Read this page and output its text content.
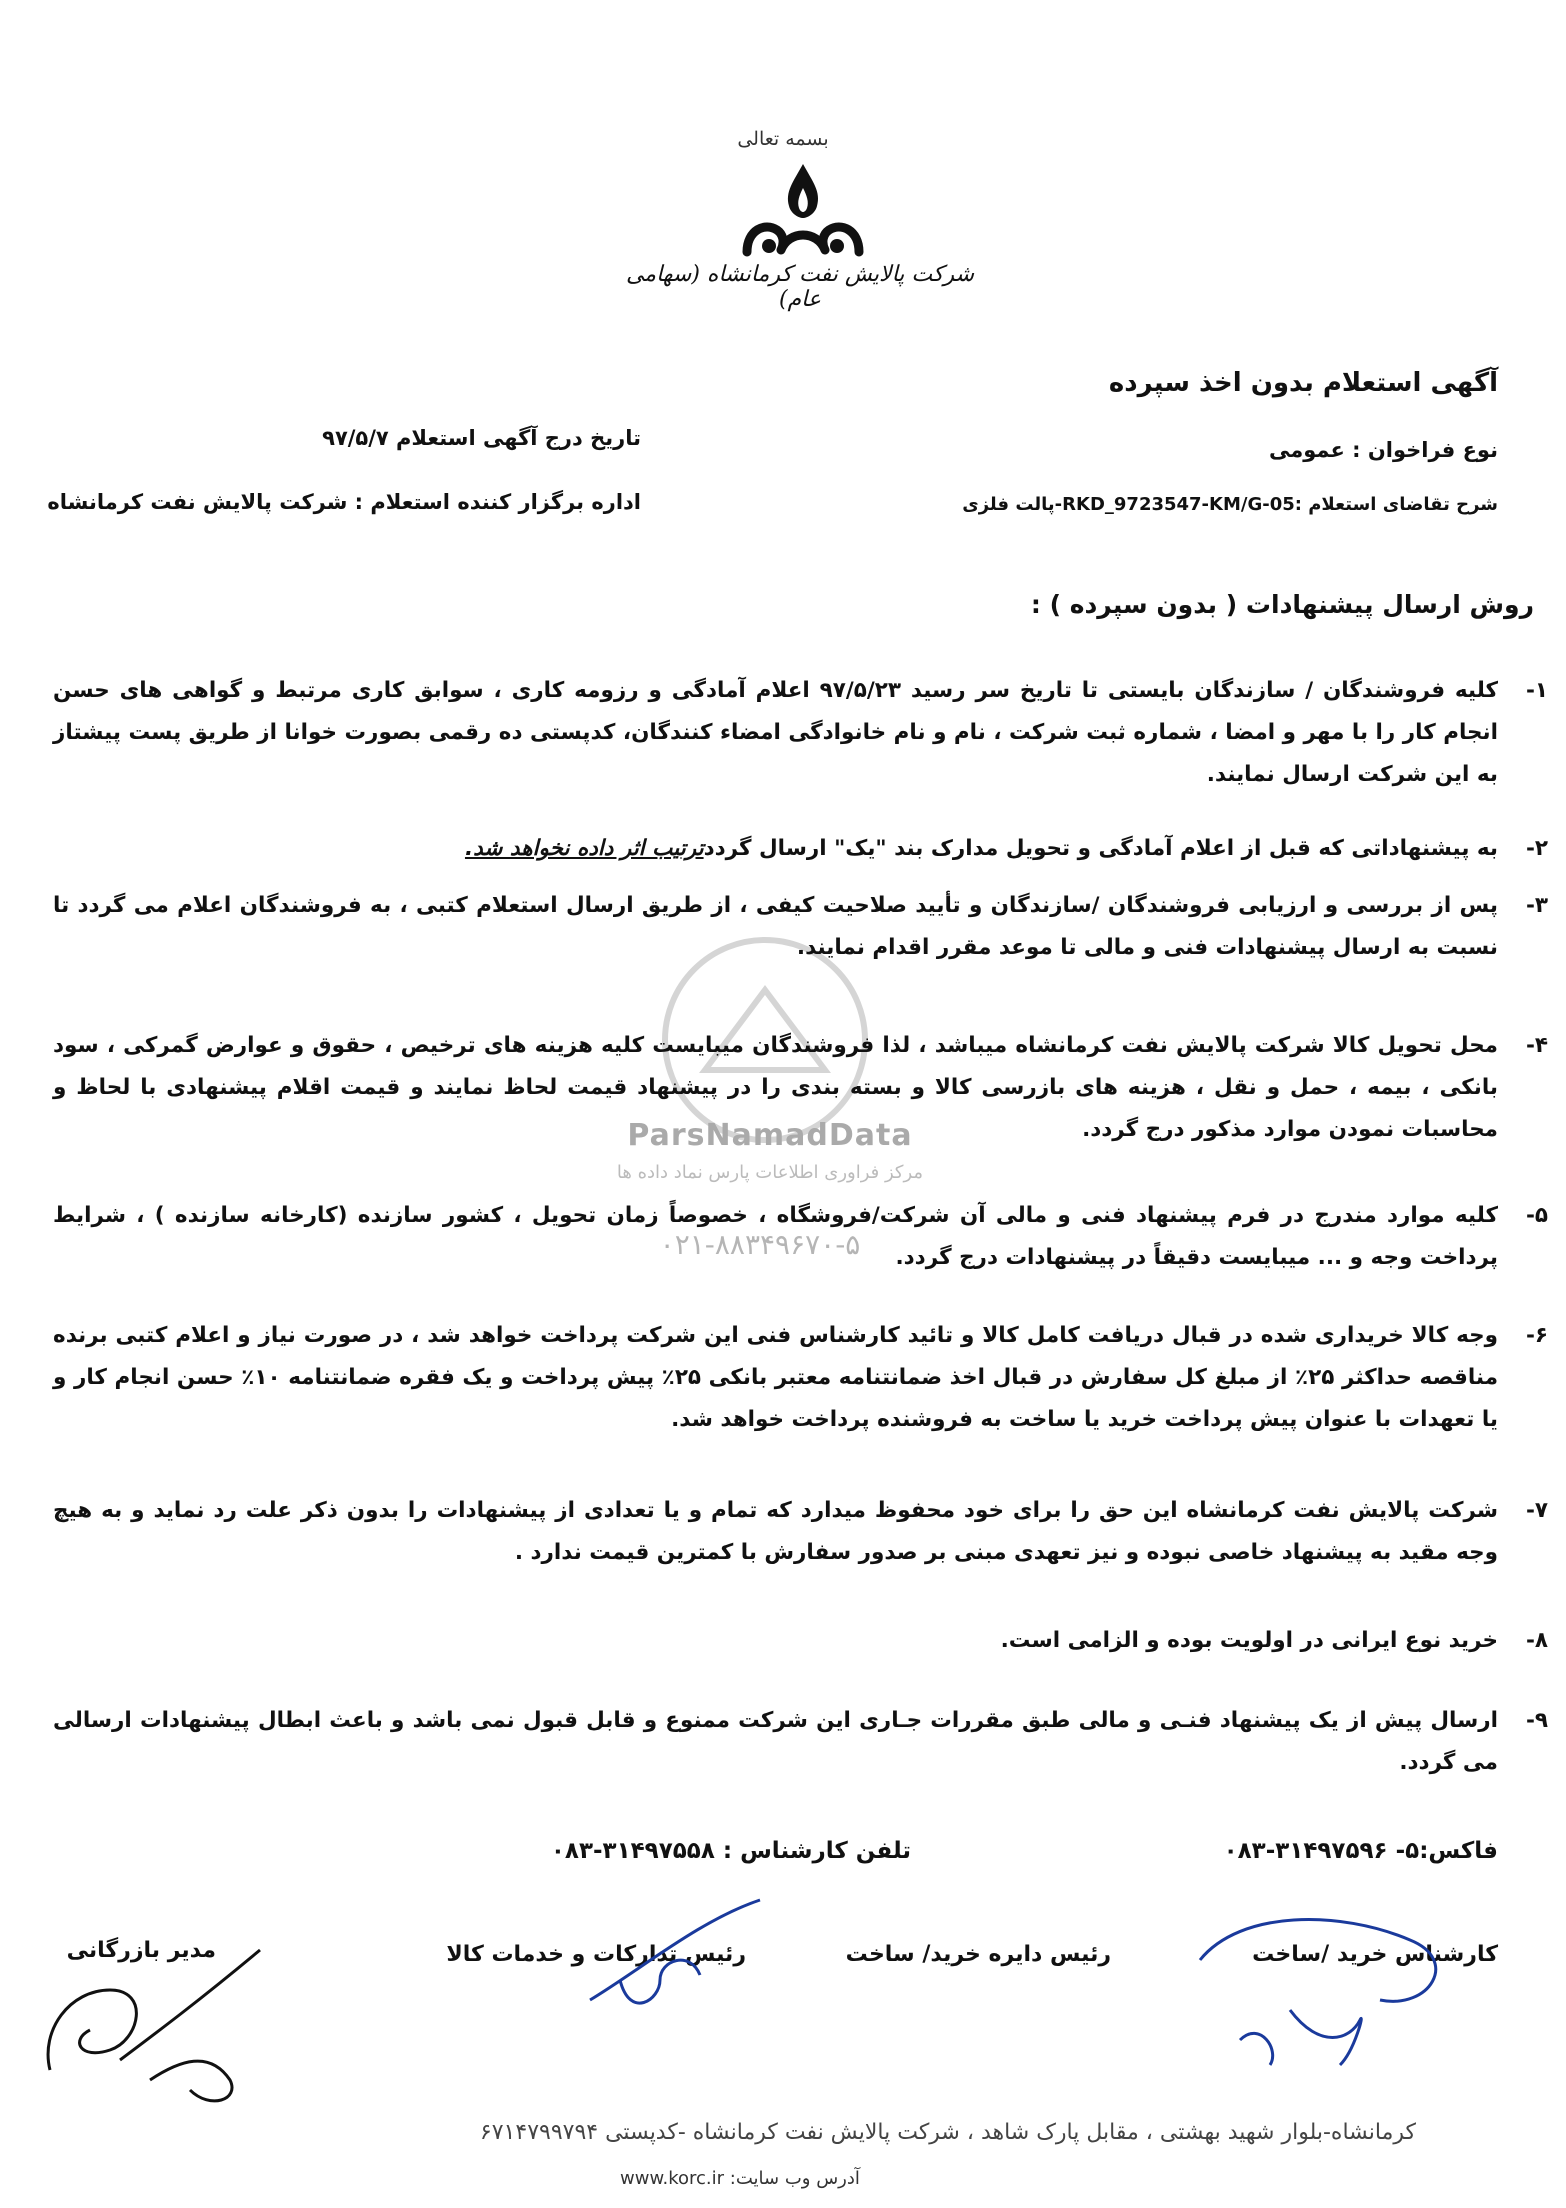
بسمه تعالی
شرکت پالایش نفت کرمانشاه (سهامی عام)
آگهی استعلام بدون اخذ سپرده
نوع فراخوان : عمومی
تاریخ درج آگهی استعلام ۹۷/۵/۷
شرح تقاضای استعلام :RKD_9723547-KM/G-05-پالت فلزی
اداره برگزار کننده استعلام : شرکت پالایش نفت کرمانشاه
روش ارسال پیشنهادات ( بدون سپرده ) :
ParsNamadData
مرکز فراوری اطلاعات پارس نماد داده ها
۰۲۱-۸۸۳۴۹۶۷۰-۵
۱-

کلیه فروشندگان / سازندگان بایستی تا تاریخ سر رسید ۹۷/۵/۲۳ اعلام آمادگی و رزومه کاری ، سوابق کاری مرتبط و گواهی های حسن انجام کار را با مهر و امضا ، شماره ثبت شرکت ، نام و نام خانوادگی امضاء کنندگان، کدپستی ده رقمی بصورت خوانا از طریق پست پیشتاز به این شرکت ارسال نمایند.

۲-

به پیشنهاداتی که قبل از اعلام آمادگی و تحویل مدارک بند "یک" ارسال گرددترتیب اثر داده نخواهد شد.

۳-

پس از بررسی و ارزیابی فروشندگان /سازندگان و تأیید صلاحیت کیفی ، از طریق ارسال استعلام کتبی ، به فروشندگان اعلام می گردد تا نسبت به ارسال پیشنهادات فنی و مالی تا موعد مقرر اقدام نمایند.

۴-

محل تحویل کالا شرکت پالایش نفت کرمانشاه میباشد ، لذا فروشندگان میبایست کلیه هزینه های ترخیص ، حقوق و عوارض گمرکی ، سود بانکی ، بیمه ، حمل و نقل ، هزینه های بازرسی کالا و بسته بندی را در پیشنهاد قیمت لحاظ نمایند و قیمت اقلام پیشنهادی با لحاظ و محاسبات نمودن موارد مذکور درج گردد.

۵-

کلیه موارد مندرج در فرم پیشنهاد فنی و مالی آن شرکت/فروشگاه ، خصوصاً زمان تحویل ، کشور سازنده (کارخانه سازنده ) ، شرایط پرداخت وجه و ... میبایست دقیقاً در پیشنهادات درج گردد.

۶-

وجه کالا خریداری شده در قبال دریافت کامل کالا و تائید کارشناس فنی این شرکت پرداخت خواهد شد ، در صورت نیاز و اعلام کتبی برنده مناقصه حداکثر ۲۵٪ از مبلغ کل سفارش در قبال اخذ ضمانتنامه معتبر بانکی ۲۵٪ پیش پرداخت و یک فقره ضمانتنامه ۱۰٪ حسن انجام کار و یا تعهدات با عنوان پیش پرداخت خرید یا ساخت به فروشنده پرداخت خواهد شد.

۷-

شرکت پالایش نفت کرمانشاه این حق را برای خود محفوظ میدارد که تمام و یا تعدادی از پیشنهادات را بدون ذکر علت رد نماید و به هیچ وجه مقید به پیشنهاد خاصی نبوده و نیز تعهدی مبنی بر صدور سفارش با کمترین قیمت ندارد .

۸-

خرید نوع ایرانی در اولویت بوده و الزامی است.

۹-

ارسال پیش از یک پیشنهاد فنـی و مالی طبق مقررات جـاری این شرکت ممنوع و قابل قبول نمی باشد و باعث ابطال پیشنهادات ارسالی می گردد.

فاکس:۵- ۳۱۴۹۷۵۹۶-۰۸۳
تلفن کارشناس : ۳۱۴۹۷۵۵۸-۰۸۳
کارشناس خرید /ساخت
رئیس دایره خرید/ ساخت
رئیس تدارکات و خدمات کالا
مدیر بازرگانی
کرمانشاه-بلوار شهید بهشتی ، مقابل پارک شاهد ، شرکت پالایش نفت کرمانشاه -کدپستی ۶۷۱۴۷۹۹۷۹۴
آدرس وب سایت: www.korc.ir
